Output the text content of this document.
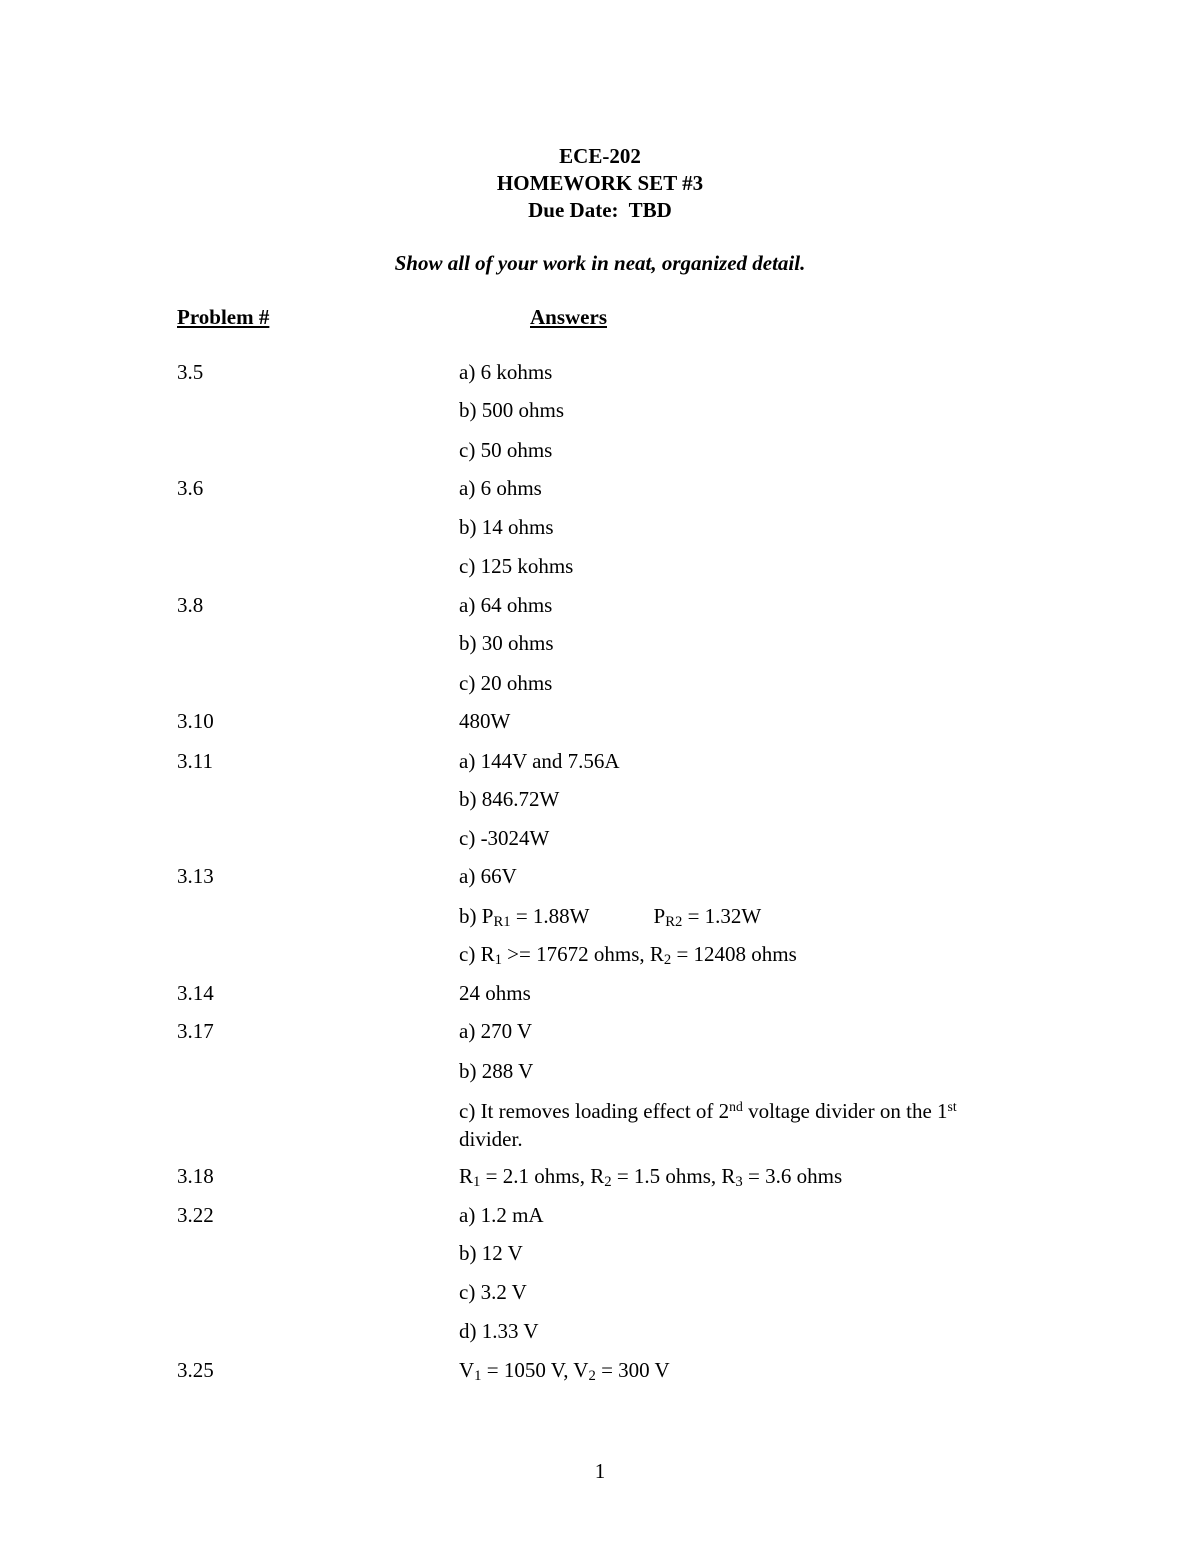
ECE-202
HOMEWORK SET #3
Due Date: TBD
Show all of your work in neat, organized detail.
Problem #	Answers
3.5	a) 6 kohms
b) 500 ohms
c) 50 ohms
3.6	a) 6 ohms
b) 14 ohms
c) 125 kohms
3.8	a) 64 ohms
b) 30 ohms
c) 20 ohms
3.10	480W
3.11	a) 144V and 7.56A
b) 846.72W
c) -3024W
3.13	a) 66V
b) $P_{R1} = 1.88W$	$P_{R2} = 1.32W$
c) $R_1 >= 17672$ ohms, $R_2 = 12408$ ohms
3.14	24 ohms
3.17	a) 270 V
b) 288 V
c) It removes loading effect of 2nd voltage divider on the 1st
divider.
3.18	$R_1 = 2.1$ ohms, $R_2 = 1.5$ ohms, $R_3 = 3.6$ ohms
3.22	a) 1.2 mA
b) 12 V
c) 3.2 V
d) 1.33 V
3.25	$V_1 = 1050$ V, $V_2 = 300$ V
1
